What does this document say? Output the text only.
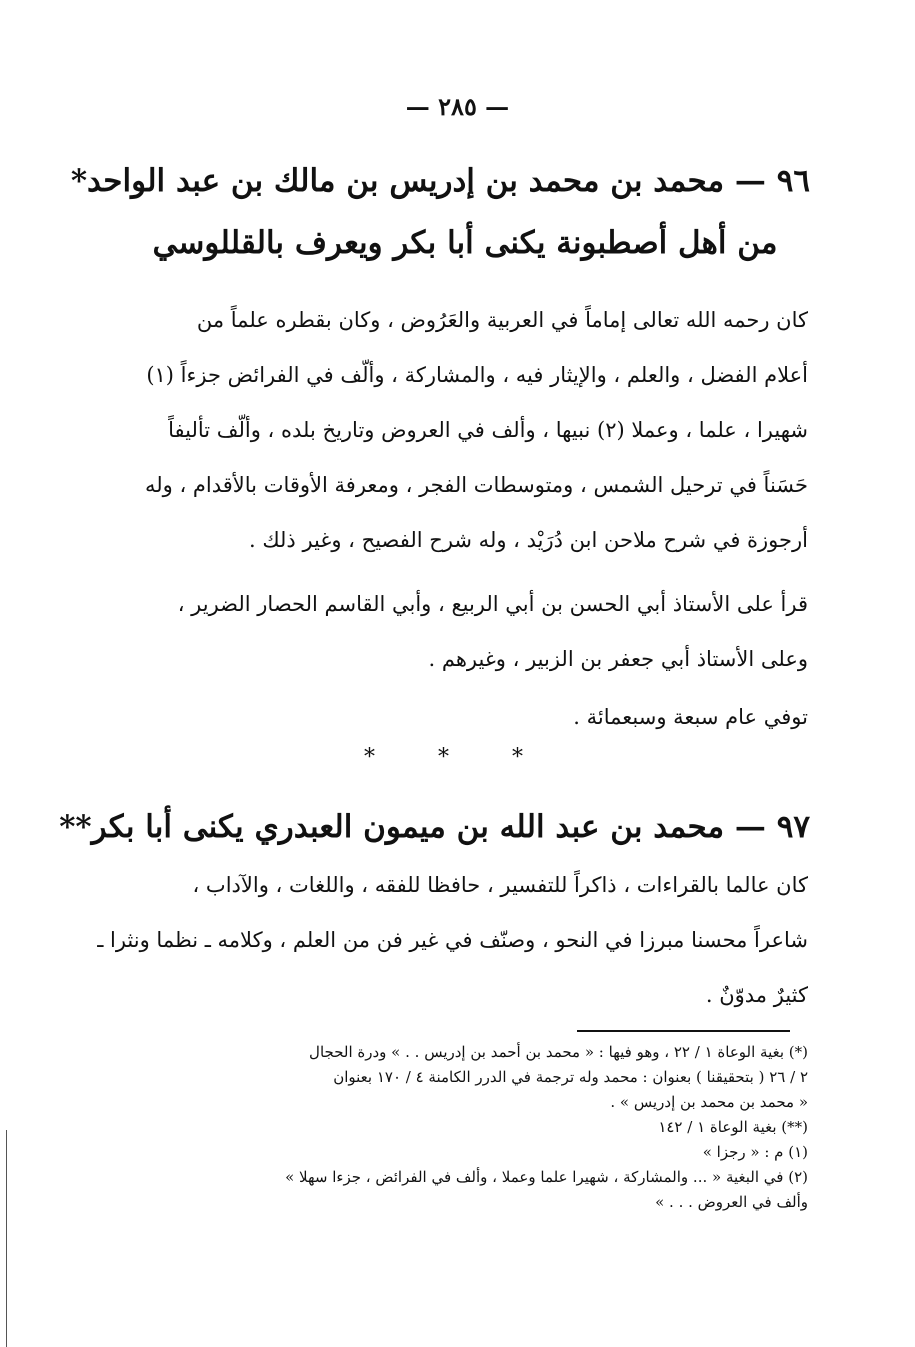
— ٢٨٥ —
٩٦ — محمد بن محمد بن إدريس بن مالك بن عبد الواحد*
من أهل أصطبونة يكنى أبا بكر ويعرف بالقللوسي
كان رحمه الله تعالى إماماً في العربية والعَرُوض ، وكان بقطره علماً من
أعلام الفضل ، والعلم ، والإيثار فيه ، والمشاركة ، وألّف في الفرائض جزءاً (١)
شهيرا ، علما ، وعملا (٢) نبيها ، وألف في العروض وتاريخ بلده ، وألّف تأليفاً
حَسَناً في ترحيل الشمس ، ومتوسطات الفجر ، ومعرفة الأوقات بالأقدام ، وله
أرجوزة في شرح ملاحن ابن دُرَيْد ، وله شرح الفصيح ، وغير ذلك .
قرأ على الأستاذ أبي الحسن بن أبي الربيع ، وأبي القاسم الحصار الضرير ،
وعلى الأستاذ أبي جعفر بن الزبير ، وغيرهم .
توفي عام سبعة وسبعمائة .
* * *
٩٧ — محمد بن عبد الله بن ميمون العبدري يكنى أبا بكر**
كان عالما بالقراءات ، ذاكراً للتفسير ، حافظا للفقه ، واللغات ، والآداب ،
شاعراً محسنا مبرزا في النحو ، وصنّف في غير فن من العلم ، وكلامه ـ نظما ونثرا ـ
كثيرٌ مدوّنٌ .
(*) بغية الوعاة ١ / ٢٢ ، وهو فيها : « محمد بن أحمد بن إدريس . . » ودرة الحجال
٢ / ٢٦ ( بتحقيقنا ) بعنوان : محمد وله ترجمة في الدرر الكامنة ٤ / ١٧٠ بعنوان
« محمد بن محمد بن إدريس » .
(**) بغية الوعاة ١ / ١٤٢
(١) م : « رجزا »
(٢) في البغية « ... والمشاركة ، شهيرا علما وعملا ، وألف في الفرائض ، جزءا سهلا »
وألف في العروض . . . »
